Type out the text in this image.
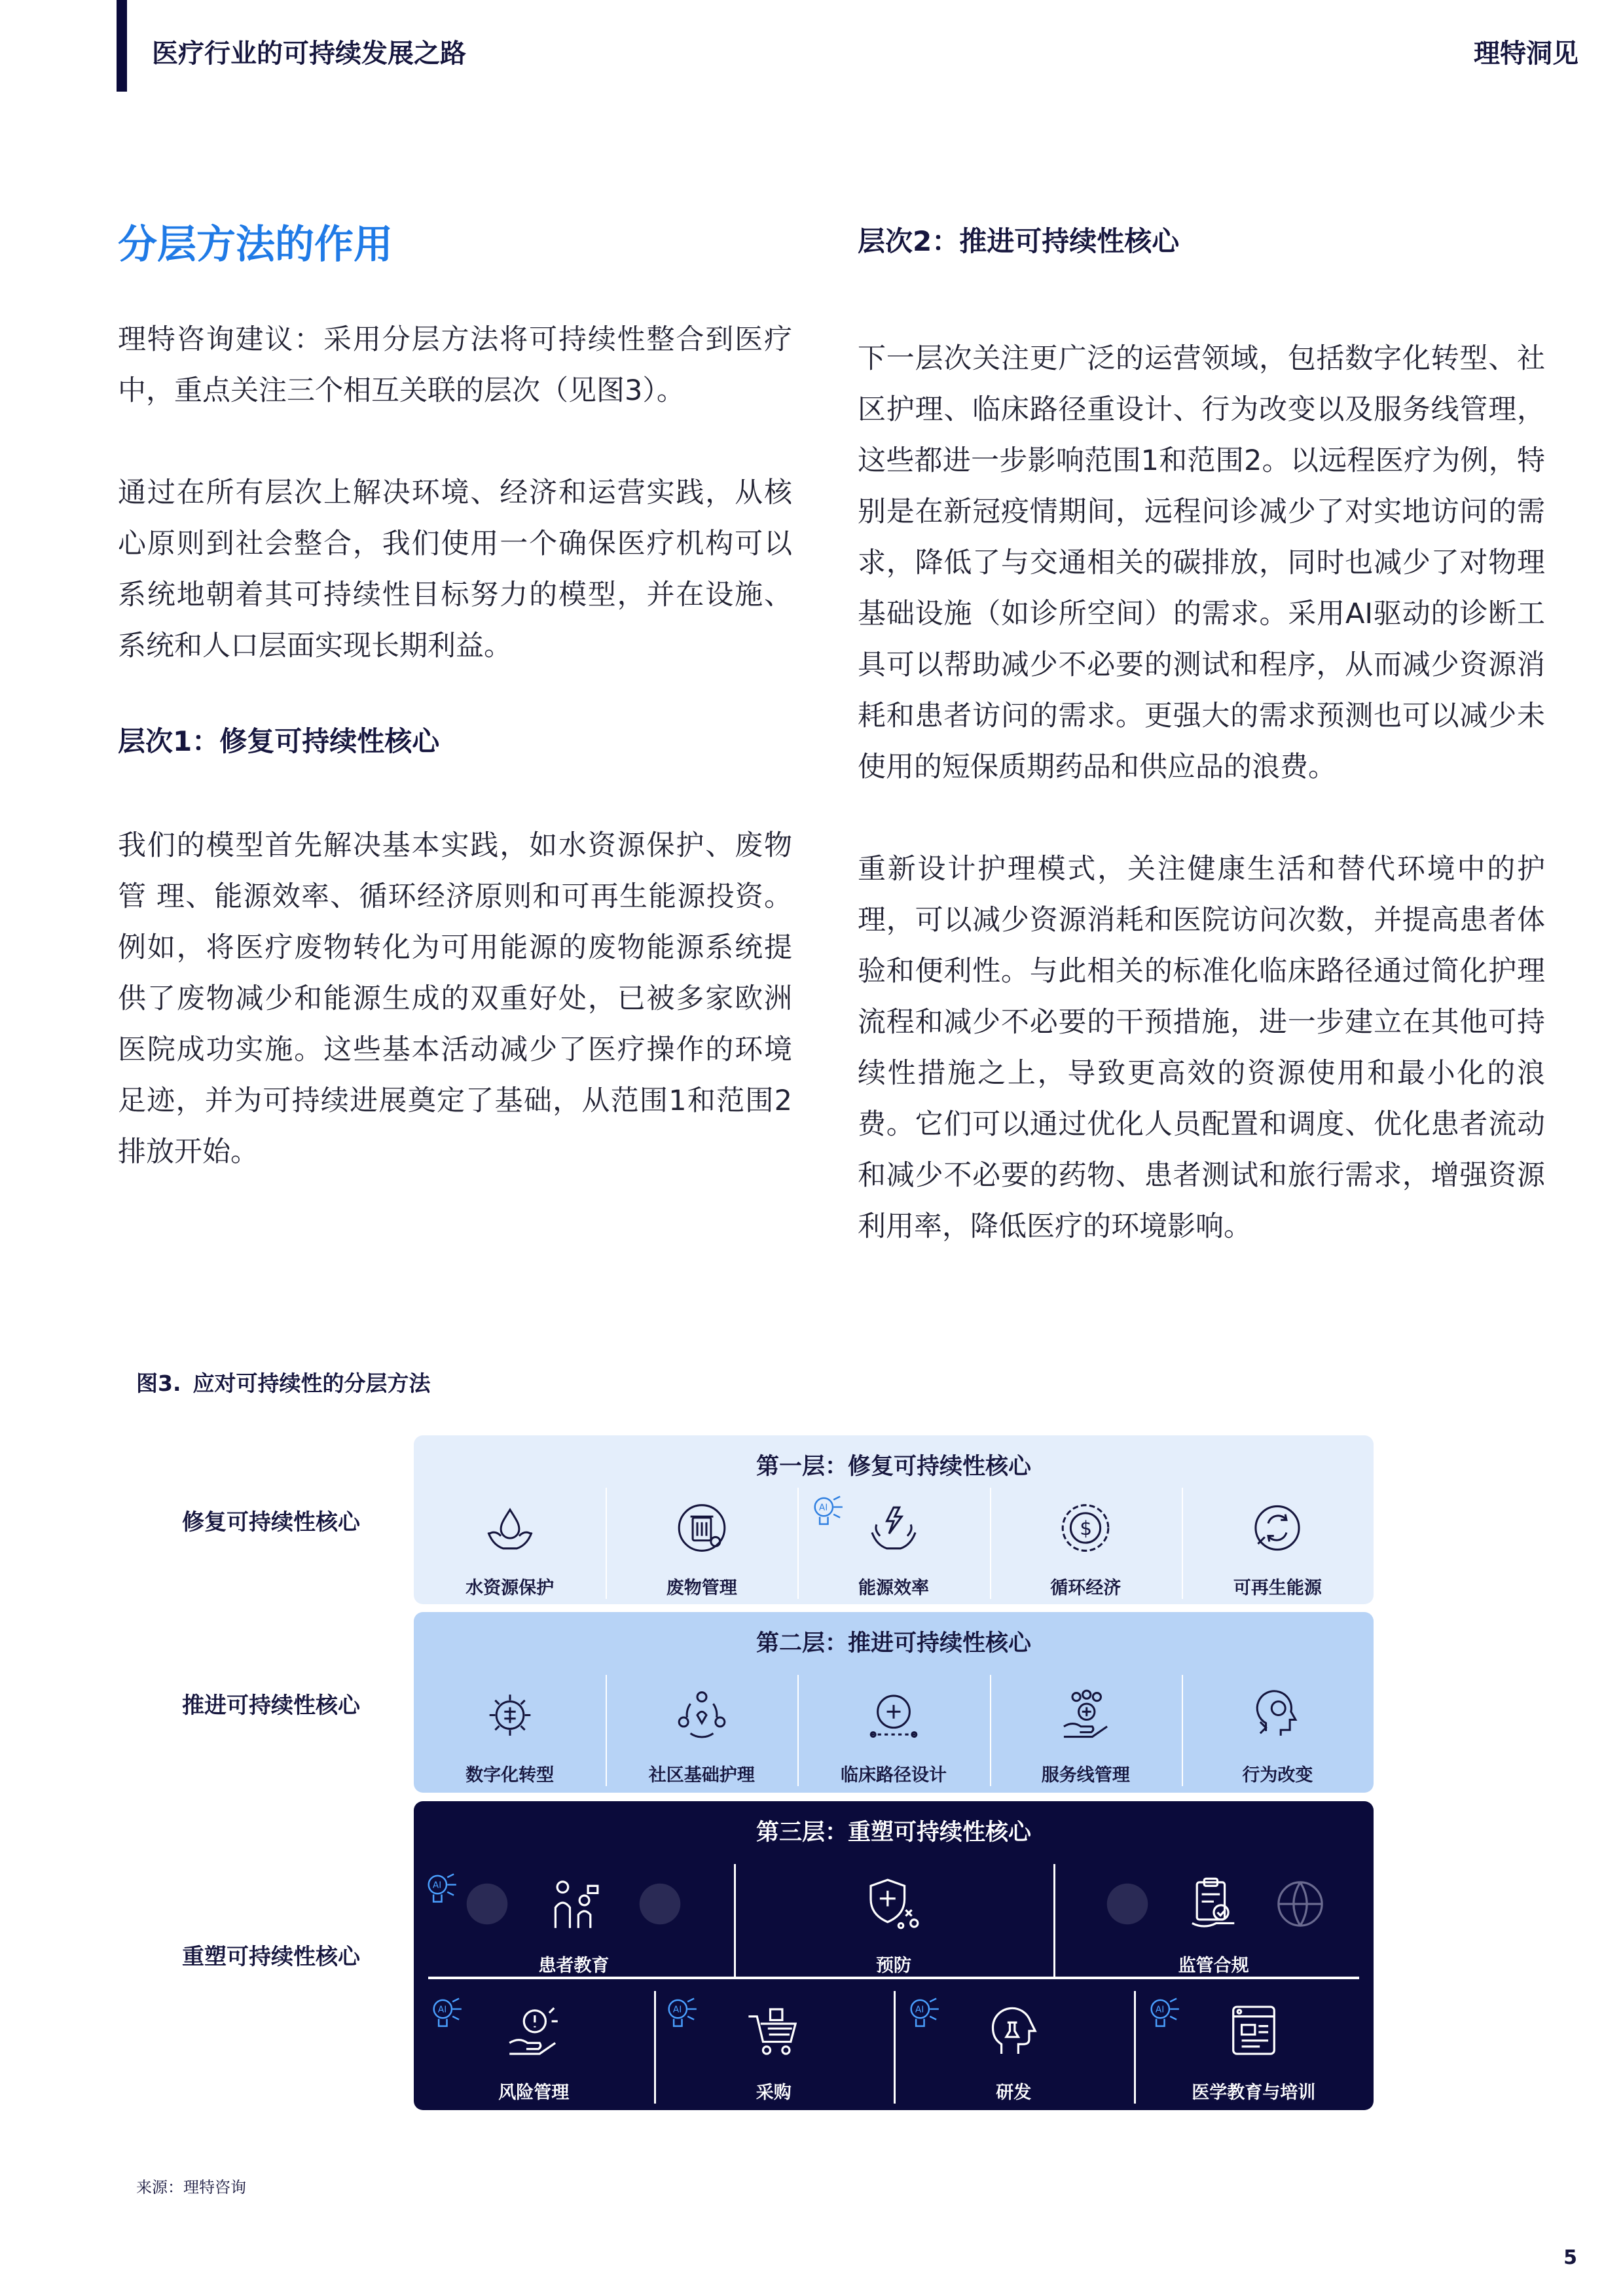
医疗行业的可持续发展之路	理特洞见
分层方法的作用

理特咨询建议：采用分层方法将可持续性整合到医疗中，重点关注三个相互关联的层次（见图3）。

通过在所有层次上解决环境、经济和运营实践，从核心原则到社会整合，我们使用一个确保医疗机构可以系统地朝着其可持续性目标努力的模型，并在设施、系统和人口层面实现长期利益。

层次1：修复可持续性核心

我们的模型首先解决基本实践，如水资源保护、废物管 理、能源效率、循环经济原则和可再生能源投资。例如，将医疗废物转化为可用能源的废物能源系统提供了废物减少和能源生成的双重好处，已被多家欧洲医院成功实施。这些基本活动减少了医疗操作的环境足迹，并为可持续进展奠定了基础，从范围1和范围2排放开始。

层次2：推进可持续性核心

下一层次关注更广泛的运营领域，包括数字化转型、社区护理、临床路径重设计、行为改变以及服务线管理，这些都进一步影响范围1和范围2。以远程医疗为例，特别是在新冠疫情期间，远程问诊减少了对实地访问的需求，降低了与交通相关的碳排放，同时也减少了对物理基础设施（如诊所空间）的需求。采用AI驱动的诊断工具可以帮助减少不必要的测试和程序，从而减少资源消耗和患者访问的需求。更强大的需求预测也可以减少未使用的短保质期药品和供应品的浪费。

重新设计护理模式，关注健康生活和替代环境中的护理，可以减少资源消耗和医院访问次数，并提高患者体验和便利性。与此相关的标准化临床路径通过简化护理流程和减少不必要的干预措施，进一步建立在其他可持续性措施之上，导致更高效的资源使用和最小化的浪费。它们可以通过优化人员配置和调度、优化患者流动和减少不必要的药物、患者测试和旅行需求，增强资源利用率，降低医疗的环境影响。

图3. 应对可持续性的分层方法
修复可持续性核心
推进可持续性核心
重塑可持续性核心
第一层：修复可持续性核心
水资源保护	废物管理
AI
能源效率
$
循环经济	可再生能源
第二层：推进可持续性核心
数字化转型	社区基础护理	临床路径设计	服务线管理	行为改变
第三层：重塑可持续性核心
AI
患者教育	预防	监管合规
AI
风险管理
AI
采购
AI
研发
AI
医学教育与培训
来源：理特咨询
5
